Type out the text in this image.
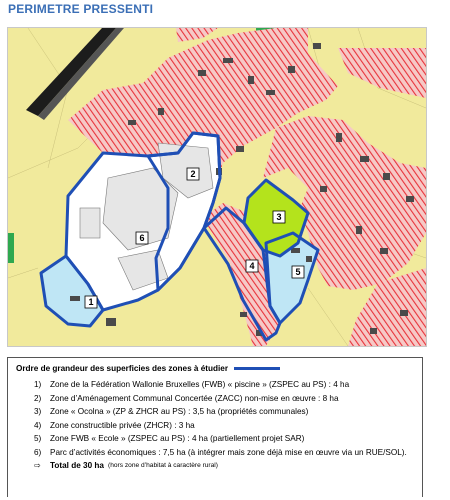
PERIMETRE PRESSENTI
1
2
3
4
5
6
Ordre de grandeur des superficies des zones à étudier
1)	Zone de la Fédération Wallonie Bruxelles (FWB) « piscine » (ZSPEC au PS) : 4 ha
2)	Zone d’Aménagement Communal Concertée (ZACC) non-mise en œuvre : 8 ha
3)	Zone « Ocolna » (ZP & ZHCR au PS) : 3,5 ha (propriétés communales)
4)	Zone constructible privée (ZHCR) : 3 ha
5)	Zone FWB « Ecole » (ZSPEC au PS) : 4 ha (partiellement projet SAR)
6)	Parc d’activités économiques : 7,5 ha (à intégrer mais zone déjà mise en œuvre via un RUE/SOL).
⇨	Total de 30 ha (hors zone d’habitat à caractère rural)
